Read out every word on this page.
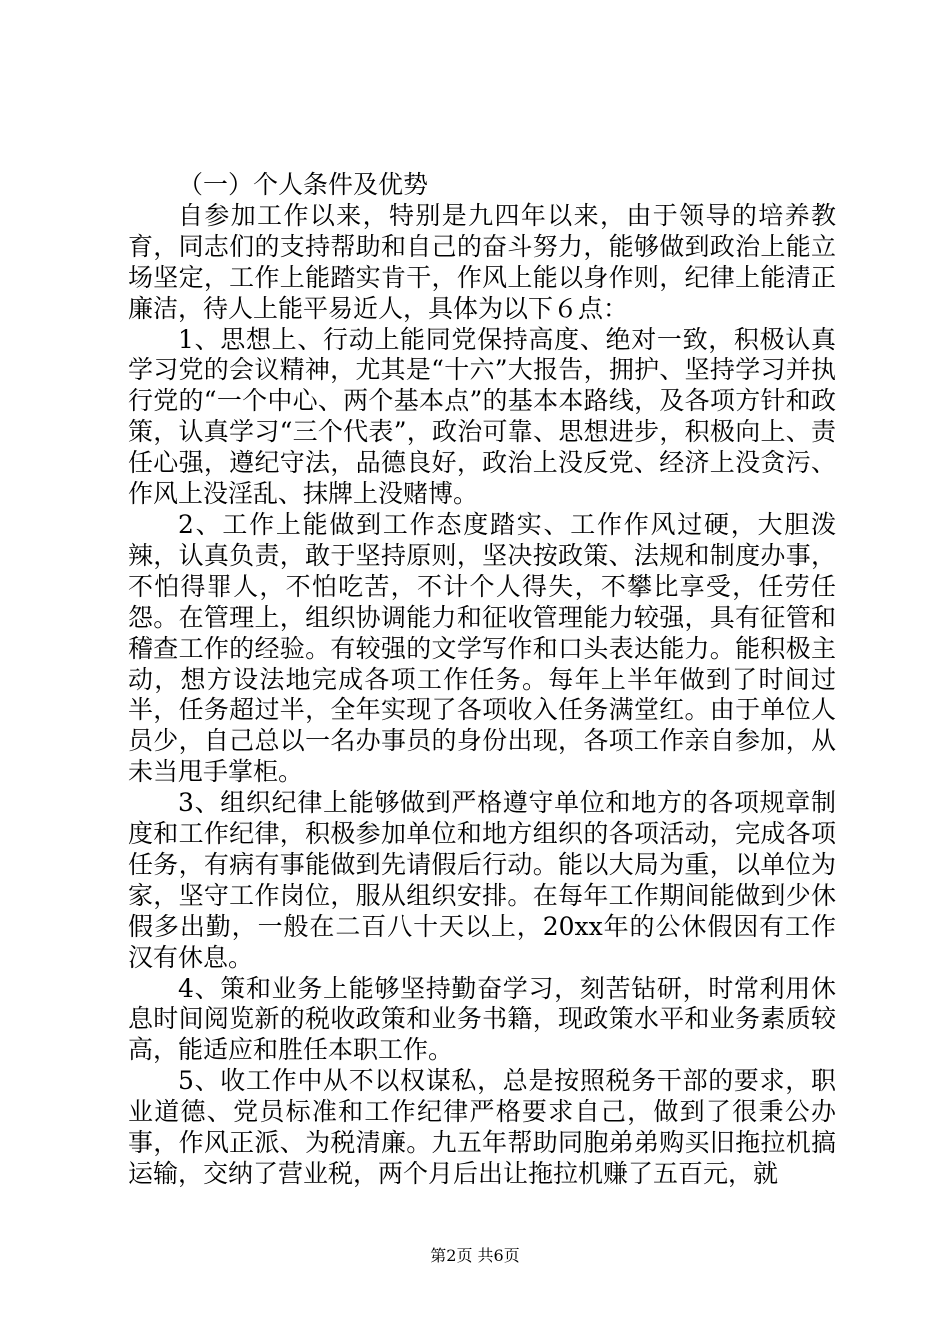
（一）个人条件及优势

自参加工作以来，特别是九四年以来，由于领导的培养教育，同志们的支持帮助和自己的奋斗努力，能够做到政治上能立场坚定，工作上能踏实肯干，作风上能以身作则，纪律上能清正廉洁，待人上能平易近人，具体为以下６点：

1、思想上、行动上能同党保持高度、绝对一致，积极认真学习党的会议精神，尤其是“十六”大报告，拥护、坚持学习并执行党的“一个中心、两个基本点”的基本本路线，及各项方针和政策，认真学习“三个代表”，政治可靠、思想进步，积极向上、责任心强，遵纪守法，品德良好，政治上没反党、经济上没贪污、作风上没淫乱、抹牌上没赌博。

2、工作上能做到工作态度踏实、工作作风过硬，大胆泼辣，认真负责，敢于坚持原则，坚决按政策、法规和制度办事，不怕得罪人，不怕吃苦，不计个人得失，不攀比享受，任劳任怨。在管理上，组织协调能力和征收管理能力较强，具有征管和稽查工作的经验。有较强的文学写作和口头表达能力。能积极主动，想方设法地完成各项工作任务。每年上半年做到了时间过半，任务超过半，全年实现了各项收入任务满堂红。由于单位人员少，自己总以一名办事员的身份出现，各项工作亲自参加，从未当甩手掌柜。

3、组织纪律上能够做到严格遵守单位和地方的各项规章制度和工作纪律，积极参加单位和地方组织的各项活动，完成各项任务，有病有事能做到先请假后行动。能以大局为重，以单位为家，坚守工作岗位，服从组织安排。在每年工作期间能做到少休假多出勤，一般在二百八十天以上，20xx年的公休假因有工作汉有休息。

4、策和业务上能够坚持勤奋学习，刻苦钻研，时常利用休息时间阅览新的税收政策和业务书籍，现政策水平和业务素质较高，能适应和胜任本职工作。

5、收工作中从不以权谋私，总是按照税务干部的要求，职业道德、党员标准和工作纪律严格要求自己，做到了很秉公办事，作风正派、为税清廉。九五年帮助同胞弟弟购买旧拖拉机搞运输，交纳了营业税，两个月后出让拖拉机赚了五百元，就

第2页 共6页
